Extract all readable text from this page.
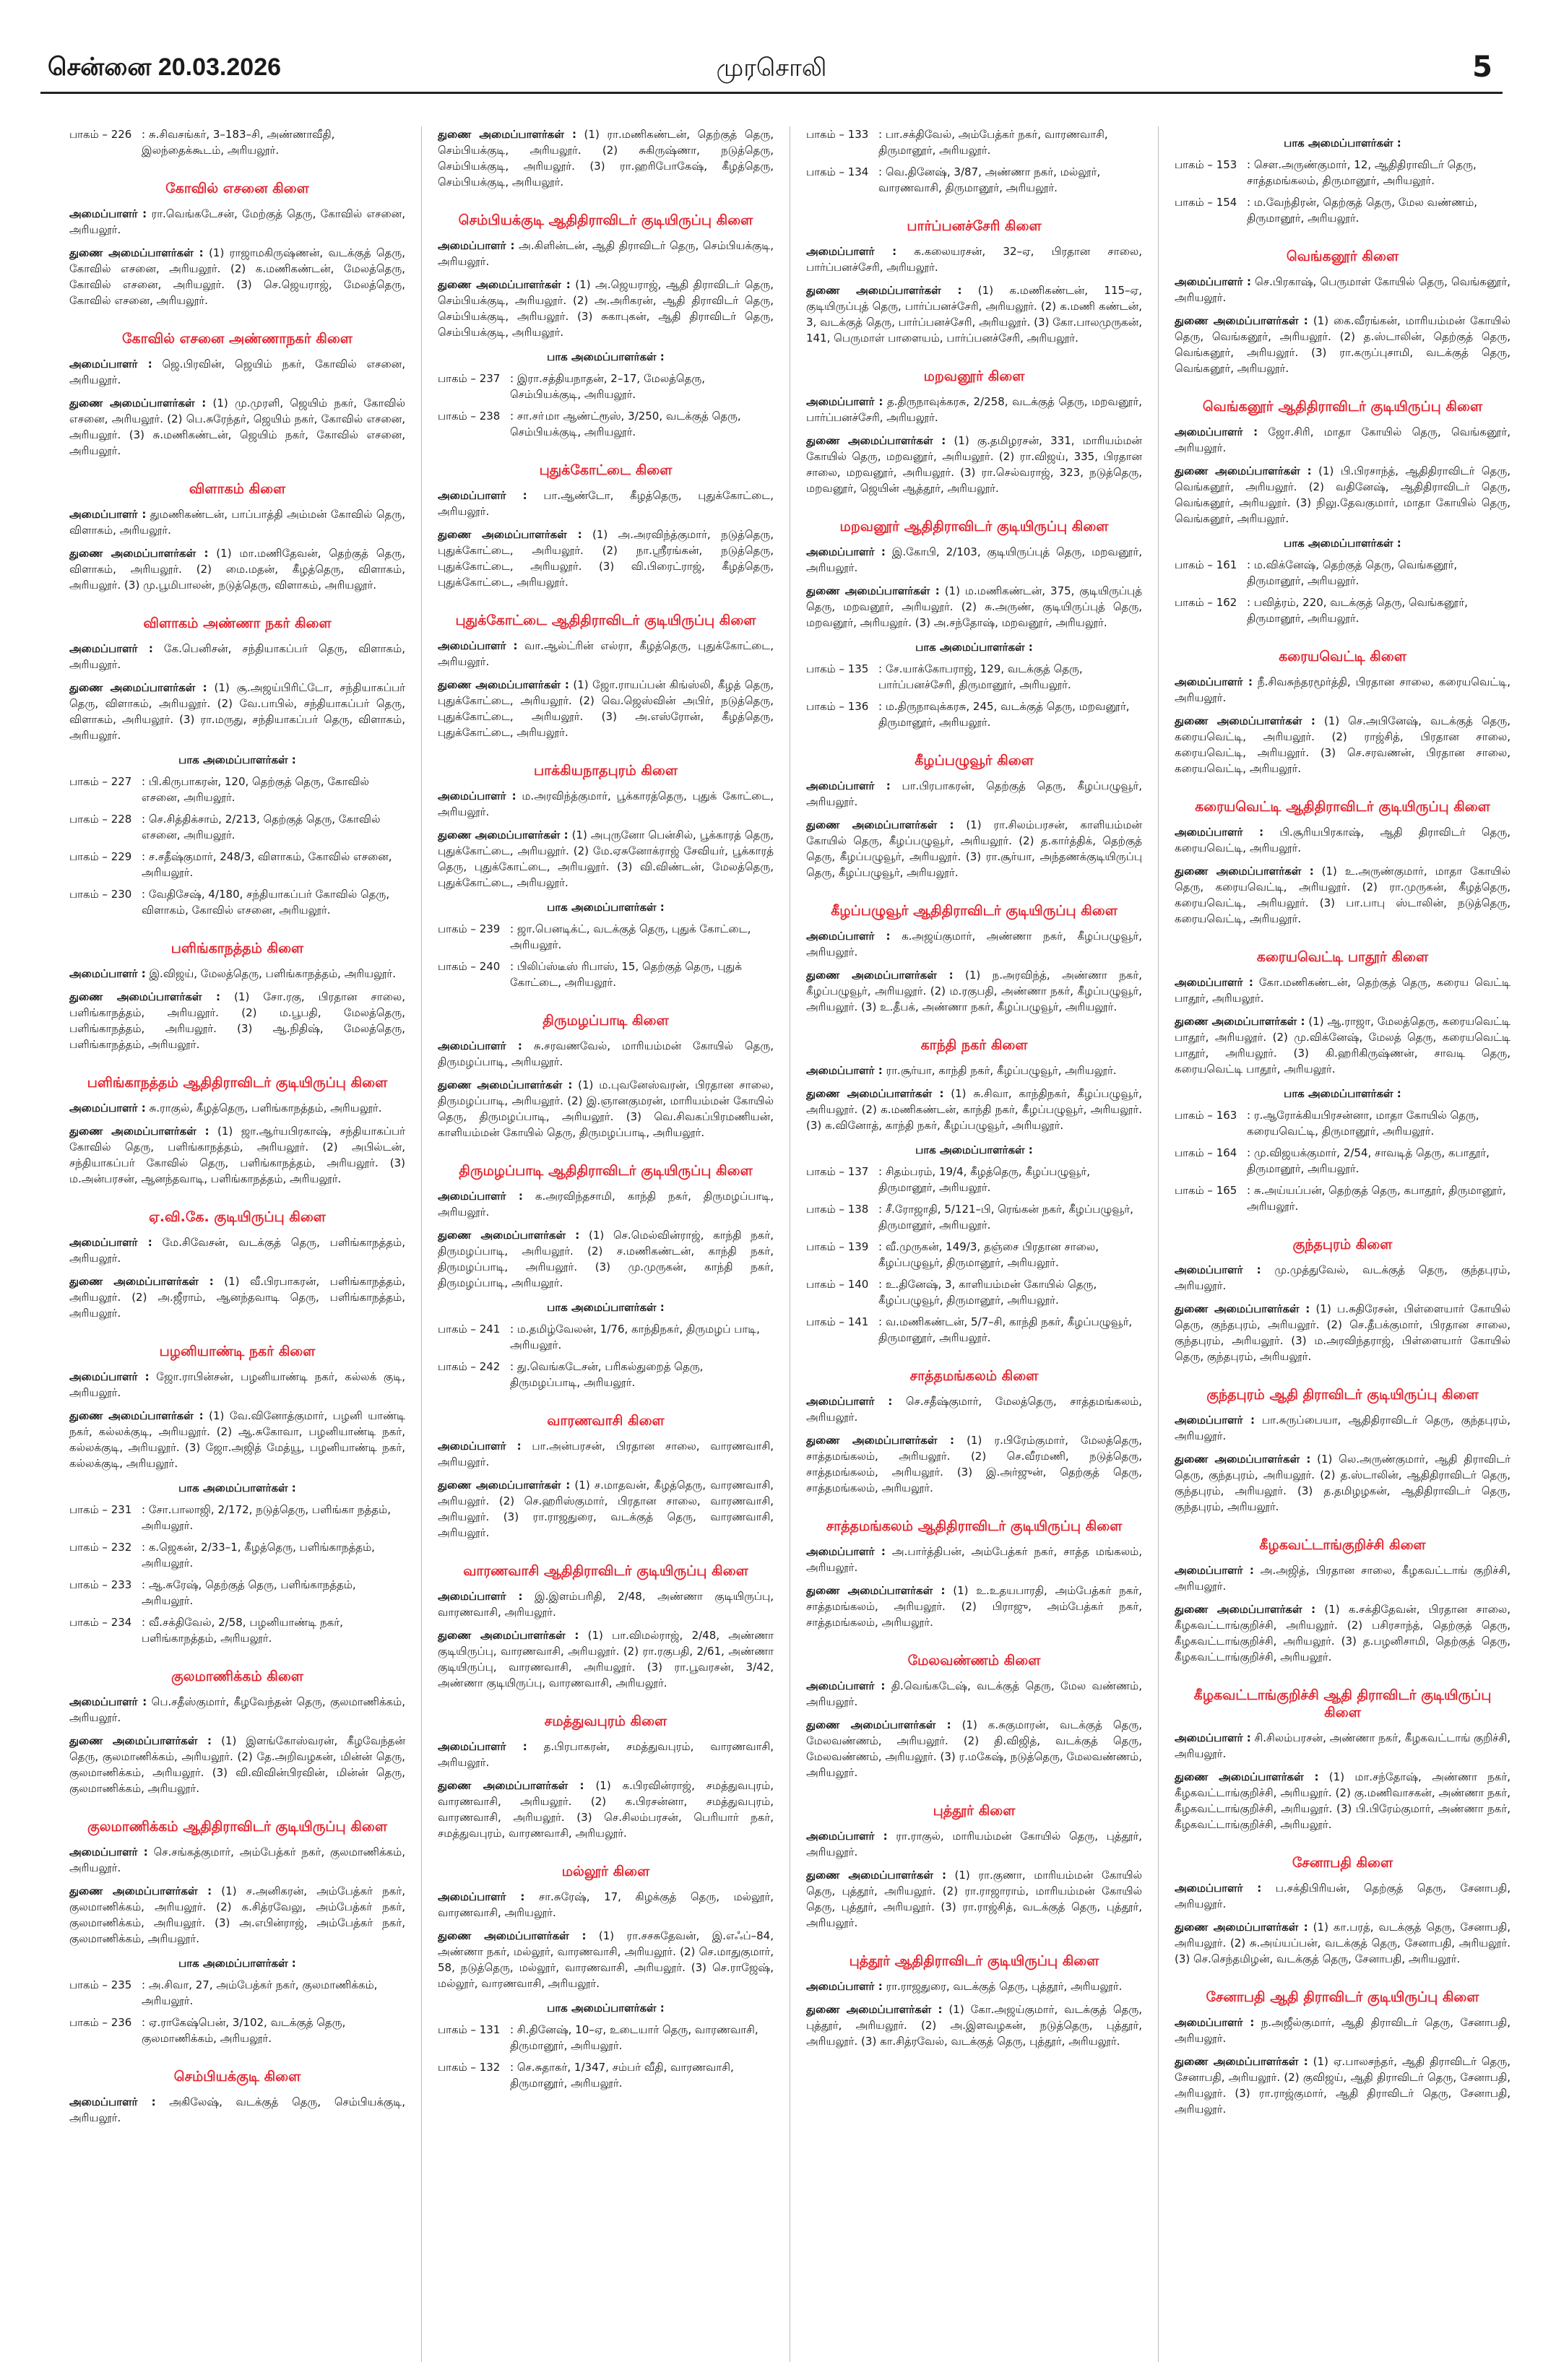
சென்னை 20.03.2026	முரசொலி	5
பாகம் – 226 : சு.சிவசங்கர், 3–183–சி, அண்ணாவீதி, இலந்தைக்கூடம், அரியலூர்.
கோவில் எசனை கிளை

அமைப்பாளர் : ரா.வெங்கடேசன், மேற்குத் தெரு, கோவில் எசனை, அரியலூர்.

துணை அமைப்பாளர்கள் : (1) ராஜாமகிருஷ்ணன், வடக்குத் தெரு, கோவில் எசனை, அரியலூர். (2) க.மணிகண்டன், மேலத்தெரு, கோவில் எசனை, அரியலூர். (3) செ.ஜெயராஜ், மேலத்தெரு, கோவில் எசனை, அரியலூர்.

கோவில் எசனை அண்ணாநகர் கிளை

அமைப்பாளர் : ஜெ.பிரவின், ஜெயிம் நகர், கோவில் எசனை, அரியலூர்.

துணை அமைப்பாளர்கள் : (1) மு.முரளி, ஜெயிம் நகர், கோவில் எசனை, அரியலூர். (2) பெ.சுரேந்தர், ஜெயிம் நகர், கோவில் எசனை, அரியலூர். (3) சு.மணிகண்டன், ஜெயிம் நகர், கோவில் எசனை, அரியலூர்.

விளாகம் கிளை

அமைப்பாளர் : துமணிகண்டன், பாப்பாத்தி அம்மன் கோவில் தெரு, விளாகம், அரியலூர்.

துணை அமைப்பாளர்கள் : (1) மா.மணிதேவன், தெற்குத் தெரு, விளாகம், அரியலூர். (2) மை.மதன், கீழத்தெரு, விளாகம், அரியலூர். (3) மு.பூமிபாலன், நடுத்தெரு, விளாகம், அரியலூர்.

விளாகம் அண்ணா நகர் கிளை

அமைப்பாளர் : கே.பெனிசன், சந்தியாகப்பர் தெரு, விளாகம், அரியலூர்.

துணை அமைப்பாளர்கள் : (1) சூ.அஜய்பிரிட்டோ, சந்தியாகப்பர் தெரு, விளாகம், அரியலூர். (2) வே.பாபில், சந்தியாகப்பர் தெரு, விளாகம், அரியலூர். (3) ரா.மருது, சந்தியாகப்பர் தெரு, விளாகம், அரியலூர்.

பாக அமைப்பாளர்கள் :
பாகம் – 227 : பி.கிருபாகரன், 120, தெற்குத் தெரு, கோவில் எசனை, அரியலூர்.
பாகம் – 228 : செ.சித்திக்சாம், 2/213, தெற்குத் தெரு, கோவில் எசனை, அரியலூர்.
பாகம் – 229 : ச.சதீஷ்குமார், 248/3, விளாகம், கோவில் எசனை, அரியலூர்.
பாகம் – 230 : வேதிசேஷ், 4/180, சந்தியாகப்பர் கோவில் தெரு, விளாகம், கோவில் எசனை, அரியலூர்.
பளிங்காநத்தம் கிளை

அமைப்பாளர் : இ.விஜய், மேலத்தெரு, பளிங்காநத்தம், அரியலூர்.

துணை அமைப்பாளர்கள் : (1) சோ.ரகு, பிரதான சாலை, பளிங்காநத்தம், அரியலூர். (2) ம.பூபதி, மேலத்தெரு, பளிங்காநத்தம், அரியலூர். (3) ஆ.நிதிஷ், மேலத்தெரு, பளிங்காநத்தம், அரியலூர்.

பளிங்காநத்தம் ஆதிதிராவிடர் குடியிருப்பு கிளை

அமைப்பாளர் : சு.ராகுல், கீழத்தெரு, பளிங்காநத்தம், அரியலூர்.

துணை அமைப்பாளர்கள் : (1) ஜா.ஆர்யபிரகாஷ், சந்தியாகப்பர் கோவில் தெரு, பளிங்காநத்தம், அரியலூர். (2) அபில்டன், சந்தியாகப்பர் கோவில் தெரு, பளிங்காநத்தம், அரியலூர். (3) ம.அன்பரசன், ஆனந்தவாடி, பளிங்காநத்தம், அரியலூர்.

ஏ.வி.கே. குடியிருப்பு கிளை

அமைப்பாளர் : மே.சிவேசன், வடக்குத் தெரு, பளிங்காநத்தம், அரியலூர்.

துணை அமைப்பாளர்கள் : (1) வீ.பிரபாகரன், பளிங்காநத்தம், அரியலூர். (2) அ.ஜீராம், ஆனந்தவாடி தெரு, பளிங்காநத்தம், அரியலூர்.

பழனியாண்டி நகர் கிளை

அமைப்பாளர் : ஜோ.ராபின்சன், பழனியாண்டி நகர், கல்லக் குடி, அரியலூர்.

துணை அமைப்பாளர்கள் : (1) வே.வினோத்குமார், பழனி யாண்டி நகர், கல்லக்குடி, அரியலூர். (2) ஆ.சுகோவா, பழனியாண்டி நகர், கல்லக்குடி, அரியலூர். (3) ஜோ.அஜித் மேத்யூ, பழனியாண்டி நகர், கல்லக்குடி, அரியலூர்.

பாக அமைப்பாளர்கள் :
பாகம் – 231 : சோ.பாலாஜி, 2/172, நடுத்தெரு, பளிங்கா நத்தம், அரியலூர்.
பாகம் – 232 : க.ஜெகன், 2/33–1, கீழத்தெரு, பளிங்காநத்தம், அரியலூர்.
பாகம் – 233 : ஆ.சுரேஷ், தெற்குத் தெரு, பளிங்காநத்தம், அரியலூர்.
பாகம் – 234 : வீ.சக்திவேல், 2/58, பழனியாண்டி நகர், பளிங்காநத்தம், அரியலூர்.
குலமாணிக்கம் கிளை

அமைப்பாளர் : பெ.சதீஸ்குமார், கீழவேந்தன் தெரு, குலமாணிக்கம், அரியலூர்.

துணை அமைப்பாளர்கள் : (1) இளங்கோஸ்வரன், கீழவேந்தன் தெரு, குலமாணிக்கம், அரியலூர். (2) தே.அறிவழகன், மின்ன் தெரு, குலமாணிக்கம், அரியலூர். (3) வி.விவின்பிரவின், மின்ன் தெரு, குலமாணிக்கம், அரியலூர்.

குலமாணிக்கம் ஆதிதிராவிடர் குடியிருப்பு கிளை

அமைப்பாளர் : செ.சங்கத்குமார், அம்பேத்கர் நகர், குலமாணிக்கம், அரியலூர்.

துணை அமைப்பாளர்கள் : (1) ச.அனிகரன், அம்பேத்கர் நகர், குலமாணிக்கம், அரியலூர். (2) க.சித்ரவேலு, அம்பேத்கர் நகர், குலமாணிக்கம், அரியலூர். (3) அ.எபின்ராஜ், அம்பேத்கர் நகர், குலமாணிக்கம், அரியலூர்.

பாக அமைப்பாளர்கள் :
பாகம் – 235 : அ.சிவா, 27, அம்பேத்கர் நகர், குலமாணிக்கம், அரியலூர்.
பாகம் – 236 : ஏ.ராகேஷ்பென், 3/102, வடக்குத் தெரு, குலமாணிக்கம், அரியலூர்.
செம்பியக்குடி கிளை

அமைப்பாளர் : அகிலேஷ், வடக்குத் தெரு, செம்பியக்குடி, அரியலூர்.

துணை அமைப்பாளர்கள் : (1) ரா.மணிகண்டன், தெற்குத் தெரு, செம்பியக்குடி, அரியலூர். (2) சுகிருஷ்ணா, நடுத்தெரு, செம்பியக்குடி, அரியலூர். (3) ரா.ஹரிபோகேஷ், கீழத்தெரு, செம்பியக்குடி, அரியலூர்.

செம்பியக்குடி ஆதிதிராவிடர் குடியிருப்பு கிளை

அமைப்பாளர் : அ.கிளின்டன், ஆதி திராவிடர் தெரு, செம்பியக்குடி, அரியலூர்.

துணை அமைப்பாளர்கள் : (1) அ.ஜெயராஜ், ஆதி திராவிடர் தெரு, செம்பியக்குடி, அரியலூர். (2) அ.அரிகரன், ஆதி திராவிடர் தெரு, செம்பியக்குடி, அரியலூர். (3) சுகாபுகன், ஆதி திராவிடர் தெரு, செம்பியக்குடி, அரியலூர்.

பாக அமைப்பாளர்கள் :
பாகம் – 237 : இரா.சத்தியநாதன், 2–17, மேலத்தெரு, செம்பியக்குடி, அரியலூர்.
பாகம் – 238 : சா.சா்மா ஆண்ட்ரூஸ், 3/250, வடக்குத் தெரு, செம்பியக்குடி, அரியலூர்.
புதுக்கோட்டை கிளை

அமைப்பாளர் : பா.ஆண்டோ, கீழத்தெரு, புதுக்கோட்டை, அரியலூர்.

துணை அமைப்பாளர்கள் : (1) அ.அரவிந்த்குமார், நடுத்தெரு, புதுக்கோட்டை, அரியலூர். (2) நா.ஸ்ரீரங்கன், நடுத்தெரு, புதுக்கோட்டை, அரியலூர். (3) வி.பிரைட்ராஜ், கீழத்தெரு, புதுக்கோட்டை, அரியலூர்.

புதுக்கோட்டை ஆதிதிராவிடர் குடியிருப்பு கிளை

அமைப்பாளர் : வா.ஆல்ட்ரின் எல்ரா, கீழத்தெரு, புதுக்கோட்டை, அரியலூர்.

துணை அமைப்பாளர்கள் : (1) ஜோ.ராயப்பன் கிங்ஸ்லி, கீழத் தெரு, புதுக்கோட்டை, அரியலூர். (2) வெ.ஜெஸ்வின் அபிர், நடுத்தெரு, புதுக்கோட்டை, அரியலூர். (3) அ.எஸ்ரோன், கீழத்தெரு, புதுக்கோட்டை, அரியலூர்.

பாக்கியநாதபுரம் கிளை

அமைப்பாளர் : ம.அரவிந்த்குமார், பூக்காரத்தெரு, புதுக் கோட்டை, அரியலூர்.

துணை அமைப்பாளர்கள் : (1) அபுருனோ பென்சில், பூக்காரத் தெரு, புதுக்கோட்டை, அரியலூர். (2) மே.ஏசுனோக்ராஜ் சேவியர், பூக்காரத் தெரு, புதுக்கோட்டை, அரியலூர். (3) வி.விண்டன், மேலத்தெரு, புதுக்கோட்டை, அரியலூர்.

பாக அமைப்பாளர்கள் :
பாகம் – 239 : ஜா.பெனடிக்ட், வடக்குத் தெரு, புதுக் கோட்டை, அரியலூர்.
பாகம் – 240 : பிலிப்ஸ்டீஸ் ரிபாஸ், 15, தெற்குத் தெரு, புதுக் கோட்டை, அரியலூர்.
திருமழப்பாடி கிளை

அமைப்பாளர் : சு.சரவணவேல், மாரியம்மன் கோயில் தெரு, திருமழப்பாடி, அரியலூர்.

துணை அமைப்பாளர்கள் : (1) ம.புவனேஸ்வரன், பிரதான சாலை, திருமழப்பாடி, அரியலூர். (2) இ.ஞானகுமரன், மாரியம்மன் கோயில் தெரு, திருமழப்பாடி, அரியலூர். (3) வெ.சிவகப்பிரமணியன், காளியம்மன் கோயில் தெரு, திருமழப்பாடி, அரியலூர்.

திருமழப்பாடி ஆதிதிராவிடர் குடியிருப்பு கிளை

அமைப்பாளர் : க.அரவிந்தசாமி, காந்தி நகர், திருமழப்பாடி, அரியலூர்.

துணை அமைப்பாளர்கள் : (1) செ.மெல்வின்ராஜ், காந்தி நகர், திருமழப்பாடி, அரியலூர். (2) ச.மணிகண்டன், காந்தி நகர், திருமழப்பாடி, அரியலூர். (3) மு.முருகன், காந்தி நகர், திருமழப்பாடி, அரியலூர்.

பாக அமைப்பாளர்கள் :
பாகம் – 241 : ம.தமிழ்வேலன், 1/76, காந்திநகர், திருமழப் பாடி, அரியலூர்.
பாகம் – 242 : து.வெங்கடேசன், பரிகல்துறைத் தெரு, திருமழப்பாடி, அரியலூர்.
வாரணவாசி கிளை

அமைப்பாளர் : பா.அன்பரசன், பிரதான சாலை, வாரணவாசி, அரியலூர்.

துணை அமைப்பாளர்கள் : (1) ச.மாதவன், கீழத்தெரு, வாரணவாசி, அரியலூர். (2) செ.ஹரிஸ்குமார், பிரதான சாலை, வாரணவாசி, அரியலூர். (3) ரா.ராஜதுரை, வடக்குத் தெரு, வாரணவாசி, அரியலூர்.

வாரணவாசி ஆதிதிராவிடர் குடியிருப்பு கிளை

அமைப்பாளர் : இ.இளம்பரிதி, 2/48, அண்ணா குடியிருப்பு, வாரணவாசி, அரியலூர்.

துணை அமைப்பாளர்கள் : (1) பா.விமல்ராஜ், 2/48, அண்ணா குடியிருப்பு, வாரணவாசி, அரியலூர். (2) ரா.ரகுபதி, 2/61, அண்ணா குடியிருப்பு, வாரணவாசி, அரியலூர். (3) ரா.பூவரசன், 3/42, அண்ணா குடியிருப்பு, வாரணவாசி, அரியலூர்.

சமத்துவபுரம் கிளை

அமைப்பாளர் : த.பிரபாகரன், சமத்துவபுரம், வாரணவாசி, அரியலூர்.

துணை அமைப்பாளர்கள் : (1) க.பிரவின்ராஜ், சமத்துவபுரம், வாரணவாசி, அரியலூர். (2) க.பிரசன்னா, சமத்துவபுரம், வாரணவாசி, அரியலூர். (3) செ.சிலம்பரசன், பெரியார் நகர், சமத்துவபுரம், வாரணவாசி, அரியலூர்.

மல்லூர் கிளை

அமைப்பாளர் : சா.சுரேஷ், 17, கிழக்குத் தெரு, மல்லூர், வாரணவாசி, அரியலூர்.

துணை அமைப்பாளர்கள் : (1) ரா.சசசுதேவன், இ.எஃப்–84, அண்ணா நகர், மல்லூர், வாரணவாசி, அரியலூர். (2) செ.மாதுகுமார், 58, நடுத்தெரு, மல்லூர், வாரணவாசி, அரியலூர். (3) செ.ராஜேஷ், மல்லூர், வாரணவாசி, அரியலூர்.

பாக அமைப்பாளர்கள் :
பாகம் – 131 : சி.தினேஷ், 10–ஏ, உடையார் தெரு, வாரணவாசி, திருமானூர், அரியலூர்.
பாகம் – 132 : செ.சுதாகர், 1/347, சம்பர் வீதி, வாரணவாசி, திருமானூர், அரியலூர்.
பாகம் – 133 : பா.சக்திவேல், அம்பேத்கர் நகர், வாரணவாசி, திருமானூர், அரியலூர்.
பாகம் – 134 : வெ.தினேஷ், 3/87, அண்ணா நகர், மல்லூர், வாரணவாசி, திருமானூர், அரியலூர்.
பார்ப்பனச்சேரி கிளை

அமைப்பாளர் : க.கலையரசன், 32–ஏ, பிரதான சாலை, பார்ப்பனச்சேரி, அரியலூர்.

துணை அமைப்பாளர்கள் : (1) க.மணிகண்டன், 115–ஏ, குடியிருப்புத் தெரு, பார்ப்பனச்சேரி, அரியலூர். (2) க.மணி கண்டன், 3, வடக்குத் தெரு, பார்ப்பனச்சேரி, அரியலூர். (3) கோ.பாலமுருகன், 141, பெருமாள் பாளையம், பார்ப்பனச்சேரி, அரியலூர்.

மறவனூர் கிளை

அமைப்பாளர் : த.திருநாவுக்கரசு, 2/258, வடக்குத் தெரு, மறவனூர், பார்ப்பனச்சேரி, அரியலூர்.

துணை அமைப்பாளர்கள் : (1) கு.தமிழரசன், 331, மாரியம்மன் கோயில் தெரு, மறவனூர், அரியலூர். (2) ரா.விஜய், 335, பிரதான சாலை, மறவனூர், அரியலூர். (3) ரா.செல்வராஜ், 323, நடுத்தெரு, மறவனூர், ஜெயின் ஆத்தூர், அரியலூர்.

மறவனூர் ஆதிதிராவிடர் குடியிருப்பு கிளை

அமைப்பாளர் : இ.கோபி, 2/103, குடியிருப்புத் தெரு, மறவனூர், அரியலூர்.

துணை அமைப்பாளர்கள் : (1) ம.மணிகண்டன், 375, குடியிருப்புத் தெரு, மறவனூர், அரியலூர். (2) சு.அருண், குடியிருப்புத் தெரு, மறவனூர், அரியலூர். (3) அ.சந்தோஷ், மறவனூர், அரியலூர்.

பாக அமைப்பாளர்கள் :
பாகம் – 135 : சே.யாக்கோபராஜ், 129, வடக்குத் தெரு, பார்ப்பனச்சேரி, திருமானூர், அரியலூர்.
பாகம் – 136 : ம.திருநாவுக்கரசு, 245, வடக்குத் தெரு, மறவனூர், திருமானூர், அரியலூர்.
கீழப்பழுவூர் கிளை

அமைப்பாளர் : பா.பிரபாகரன், தெற்குத் தெரு, கீழப்பழுவூர், அரியலூர்.

துணை அமைப்பாளர்கள் : (1) ரா.சிலம்பரசன், காளியம்மன் கோயில் தெரு, கீழப்பழுவூர், அரியலூர். (2) த.கார்த்திக், தெற்குத் தெரு, கீழப்பழுவூர், அரியலூர். (3) ரா.சூர்யா, அந்தணக்குடியிருப்பு தெரு, கீழப்பழுவூர், அரியலூர்.

கீழப்பழுவூர் ஆதிதிராவிடர் குடியிருப்பு கிளை

அமைப்பாளர் : க.அஜய்குமார், அண்ணா நகர், கீழப்பழுவூர், அரியலூர்.

துணை அமைப்பாளர்கள் : (1) ந.அரவிந்த், அண்ணா நகர், கீழப்பழுவூர், அரியலூர். (2) ம.ரகுபதி, அண்ணா நகர், கீழப்பழுவூர், அரியலூர். (3) உ.தீபக், அண்ணா நகர், கீழப்பழுவூர், அரியலூர்.

காந்தி நகர் கிளை

அமைப்பாளர் : ரா.சூர்யா, காந்தி நகர், கீழப்பழுவூர், அரியலூர்.

துணை அமைப்பாளர்கள் : (1) சு.சிவா, காந்திநகர், கீழப்பழுவூர், அரியலூர். (2) க.மணிகண்டன், காந்தி நகர், கீழப்பழுவூர், அரியலூர். (3) க.வினோத், காந்தி நகர், கீழப்பழுவூர், அரியலூர்.

பாக அமைப்பாளர்கள் :
பாகம் – 137 : சிதம்பரம், 19/4, கீழத்தெரு, கீழப்பழுவூர், திருமானூர், அரியலூர்.
பாகம் – 138 : சீ.ரோஜாதி, 5/121–பி, ரெங்கன் நகர், கீழப்பழுவூர், திருமானூர், அரியலூர்.
பாகம் – 139 : வீ.முருகன், 149/3, தஞ்சை பிரதான சாலை, கீழப்பழுவூர், திருமானூர், அரியலூர்.
பாகம் – 140 : உ.தினேஷ், 3, காளியம்மன் கோயில் தெரு, கீழப்பழுவூர், திருமானூர், அரியலூர்.
பாகம் – 141 : வ.மணிகண்டன், 5/7–சி, காந்தி நகர், கீழப்பழுவூர், திருமானூர், அரியலூர்.
சாத்தமங்கலம் கிளை

அமைப்பாளர் : செ.சதீஷ்குமார், மேலத்தெரு, சாத்தமங்கலம், அரியலூர்.

துணை அமைப்பாளர்கள் : (1) ர.பிரேம்குமார், மேலத்தெரு, சாத்தமங்கலம், அரியலூர். (2) செ.வீரமணி, நடுத்தெரு, சாத்தமங்கலம், அரியலூர். (3) இ.அர்ஜுன், தெற்குத் தெரு, சாத்தமங்கலம், அரியலூர்.

சாத்தமங்கலம் ஆதிதிராவிடர் குடியிருப்பு கிளை

அமைப்பாளர் : அ.பார்த்திபன், அம்பேத்கர் நகர், சாத்த மங்கலம், அரியலூர்.

துணை அமைப்பாளர்கள் : (1) உ.உதயபாரதி, அம்பேத்கர் நகர், சாத்தமங்கலம், அரியலூர். (2) பிராஜு, அம்பேத்கர் நகர், சாத்தமங்கலம், அரியலூர்.

மேலவண்ணம் கிளை

அமைப்பாளர் : தி.வெங்கடேஷ், வடக்குத் தெரு, மேல வண்ணம், அரியலூர்.

துணை அமைப்பாளர்கள் : (1) க.சுகுமாரன், வடக்குத் தெரு, மேலவண்ணம், அரியலூர். (2) தி.விஜித், வடக்குத் தெரு, மேலவண்ணம், அரியலூர். (3) ர.மகேஷ், நடுத்தெரு, மேலவண்ணம், அரியலூர்.

புத்தூர் கிளை

அமைப்பாளர் : ரா.ராகுல், மாரியம்மன் கோயில் தெரு, புத்தூர், அரியலூர்.

துணை அமைப்பாளர்கள் : (1) ரா.குணா, மாரியம்மன் கோயில் தெரு, புத்தூர், அரியலூர். (2) ரா.ராஜாராம், மாரியம்மன் கோயில் தெரு, புத்தூர், அரியலூர். (3) ரா.ராஜ்சித், வடக்குத் தெரு, புத்தூர், அரியலூர்.

புத்தூர் ஆதிதிராவிடர் குடியிருப்பு கிளை

அமைப்பாளர் : ரா.ராஜதுரை, வடக்குத் தெரு, புத்தூர், அரியலூர்.

துணை அமைப்பாளர்கள் : (1) கோ.அஜய்குமார், வடக்குத் தெரு, புத்தூர், அரியலூர். (2) அ.இளவழகன், நடுத்தெரு, புத்தூர், அரியலூர். (3) கா.சித்ரவேல், வடக்குத் தெரு, புத்தூர், அரியலூர்.

பாக அமைப்பாளர்கள் :
பாகம் – 153 : சௌ.அருண்குமார், 12, ஆதிதிராவிடர் தெரு, சாத்தமங்கலம், திருமானூர், அரியலூர்.
பாகம் – 154 : ம.வேந்திரன், தெற்குத் தெரு, மேல வண்ணம், திருமானூர், அரியலூர்.
வெங்கனூர் கிளை

அமைப்பாளர் : செ.பிரகாஷ், பெருமாள் கோயில் தெரு, வெங்கனூர், அரியலூர்.

துணை அமைப்பாளர்கள் : (1) கை.வீரங்கன், மாரியம்மன் கோயில் தெரு, வெங்கனூர், அரியலூர். (2) த.ஸ்டாலின், தெற்குத் தெரு, வெங்கனூர், அரியலூர். (3) ரா.கருப்புசாமி, வடக்குத் தெரு, வெங்கனூர், அரியலூர்.

வெங்கனூர் ஆதிதிராவிடர் குடியிருப்பு கிளை

அமைப்பாளர் : ஜோ.சிரி, மாதா கோயில் தெரு, வெங்கனூர், அரியலூர்.

துணை அமைப்பாளர்கள் : (1) பி.பிரசாந்த், ஆதிதிராவிடர் தெரு, வெங்கனூர், அரியலூர். (2) வதினேஷ், ஆதிதிராவிடர் தெரு, வெங்கனூர், அரியலூர். (3) நிலு.தேவகுமார், மாதா கோயில் தெரு, வெங்கனூர், அரியலூர்.

பாக அமைப்பாளர்கள் :
பாகம் – 161 : ம.விக்னேஷ், தெற்குத் தெரு, வெங்கனூர், திருமானூர், அரியலூர்.
பாகம் – 162 : பவித்ரம், 220, வடக்குத் தெரு, வெங்கனூர், திருமானூர், அரியலூர்.
கரையவெட்டி கிளை

அமைப்பாளர் : நீ.சிவசுந்தரமூர்த்தி, பிரதான சாலை, கரையவெட்டி, அரியலூர்.

துணை அமைப்பாளர்கள் : (1) செ.அபினேஷ், வடக்குத் தெரு, கரையவெட்டி, அரியலூர். (2) ராஜ்சித், பிரதான சாலை, கரையவெட்டி, அரியலூர். (3) செ.சரவணன், பிரதான சாலை, கரையவெட்டி, அரியலூர்.

கரையவெட்டி ஆதிதிராவிடர் குடியிருப்பு கிளை

அமைப்பாளர் : பி.சூரியபிரகாஷ், ஆதி திராவிடர் தெரு, கரையவெட்டி, அரியலூர்.

துணை அமைப்பாளர்கள் : (1) உ.அருண்குமார், மாதா கோயில் தெரு, கரையவெட்டி, அரியலூர். (2) ரா.முருகன், கீழத்தெரு, கரையவெட்டி, அரியலூர். (3) பா.பாபு ஸ்டாலின், நடுத்தெரு, கரையவெட்டி, அரியலூர்.

கரையவெட்டி பாதூர் கிளை

அமைப்பாளர் : கோ.மணிகண்டன், தெற்குத் தெரு, கரைய வெட்டி பாதூர், அரியலூர்.

துணை அமைப்பாளர்கள் : (1) ஆ.ராஜா, மேலத்தெரு, கரையவெட்டி பாதூர், அரியலூர். (2) மு.விக்னேஷ், மேலத் தெரு, கரையவெட்டி பாதூர், அரியலூர். (3) கி.ஹரிகிருஷ்ணன், சாவடி தெரு, கரையவெட்டி பாதூர், அரியலூர்.

பாக அமைப்பாளர்கள் :
பாகம் – 163 : ர.ஆரோக்கியபிரசன்னா, மாதா கோயில் தெரு, கரையவெட்டி, திருமானூர், அரியலூர்.
பாகம் – 164 : மு.விஜயக்குமார், 2/54, சாவடித் தெரு, கபாதூர், திருமானூர், அரியலூர்.
பாகம் – 165 : சு.அய்யப்பன், தெற்குத் தெரு, கபாதூர், திருமானூர், அரியலூர்.
குந்தபுரம் கிளை

அமைப்பாளர் : மு.முத்துவேல், வடக்குத் தெரு, குந்தபுரம், அரியலூர்.

துணை அமைப்பாளர்கள் : (1) ப.சுதிரேசன், பிள்ளையார் கோயில் தெரு, குந்தபுரம், அரியலூர். (2) செ.தீபக்குமார், பிரதான சாலை, குந்தபுரம், அரியலூர். (3) ம.அரவிந்தராஜ், பிள்ளையார் கோயில் தெரு, குந்தபுரம், அரியலூர்.

குந்தபுரம் ஆதி திராவிடர் குடியிருப்பு கிளை

அமைப்பாளர் : பா.சுருப்பையா, ஆதிதிராவிடர் தெரு, குந்தபுரம், அரியலூர்.

துணை அமைப்பாளர்கள் : (1) லெ.அருண்குமார், ஆதி திராவிடர் தெரு, குந்தபுரம், அரியலூர். (2) த.ஸ்டாலின், ஆதிதிராவிடர் தெரு, குந்தபுரம், அரியலூர். (3) த.தமிழழகன், ஆதிதிராவிடர் தெரு, குந்தபுரம், அரியலூர்.

கீழகவட்டாங்குறிச்சி கிளை

அமைப்பாளர் : அ.அஜித், பிரதான சாலை, கீழகவட்டாங் குறிச்சி, அரியலூர்.

துணை அமைப்பாளர்கள் : (1) க.சக்திதேவன், பிரதான சாலை, கீழகவட்டாங்குறிச்சி, அரியலூர். (2) பசிரசாந்த், தெற்குத் தெரு, கீழகவட்டாங்குறிச்சி, அரியலூர். (3) த.பழனிசாமி, தெற்குத் தெரு, கீழகவட்டாங்குறிச்சி, அரியலூர்.

கீழகவட்டாங்குறிச்சி ஆதி திராவிடர் குடியிருப்பு கிளை

அமைப்பாளர் : சி.சிலம்பரசன், அண்ணா நகர், கீழகவட்டாங் குறிச்சி, அரியலூர்.

துணை அமைப்பாளர்கள் : (1) மா.சந்தோஷ், அண்ணா நகர், கீழகவட்டாங்குறிச்சி, அரியலூர். (2) கு.மணிவாசகன், அண்ணா நகர், கீழகவட்டாங்குறிச்சி, அரியலூர். (3) பி.பிரேம்குமார், அண்ணா நகர், கீழகவட்டாங்குறிச்சி, அரியலூர்.

சேனாபதி கிளை

அமைப்பாளர் : ப.சக்திபிரியன், தெற்குத் தெரு, சேனாபதி, அரியலூர்.

துணை அமைப்பாளர்கள் : (1) கா.பரத், வடக்குத் தெரு, சேனாபதி, அரியலூர். (2) சு.அய்யப்பன், வடக்குத் தெரு, சேனாபதி, அரியலூர். (3) செ.செந்தமிழன், வடக்குத் தெரு, சேனாபதி, அரியலூர்.

சேனாபதி ஆதி திராவிடர் குடியிருப்பு கிளை

அமைப்பாளர் : ந.அஜீல்குமார், ஆதி திராவிடர் தெரு, சேனாபதி, அரியலூர்.

துணை அமைப்பாளர்கள் : (1) ஏ.பாலசந்தர், ஆதி திராவிடர் தெரு, சேனாபதி, அரியலூர். (2) குவிஜய், ஆதி திராவிடர் தெரு, சேனாபதி, அரியலூர். (3) ரா.ராஜ்குமார், ஆதி திராவிடர் தெரு, சேனாபதி, அரியலூர்.
